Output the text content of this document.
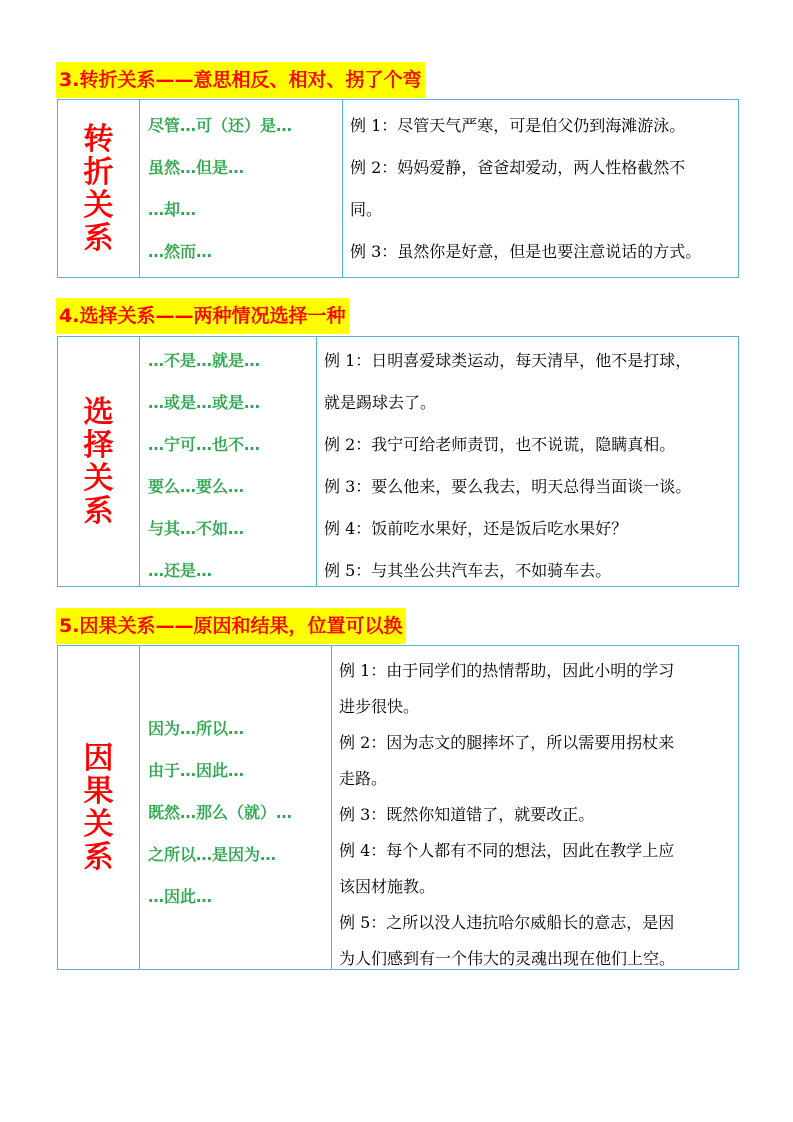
3.转折关系——意思相反、相对、拐了个弯
转折关系
尽管…可（还）是…
虽然…但是…
…却…
…然而…
例 1：尽管天气严寒，可是伯父仍到海滩游泳。
例 2：妈妈爱静，爸爸却爱动，两人性格截然不
同。
例 3：虽然你是好意，但是也要注意说话的方式。
4.选择关系——两种情况选择一种
选择关系
…不是…就是…
…或是…或是…
…宁可…也不…
要么…要么…
与其…不如…
…还是…
例 1：日明喜爱球类运动，每天清早，他不是打球，
就是踢球去了。
例 2：我宁可给老师责罚，也不说谎，隐瞒真相。
例 3：要么他来，要么我去，明天总得当面谈一谈。
例 4：饭前吃水果好，还是饭后吃水果好？
例 5：与其坐公共汽车去，不如骑车去。
5.因果关系——原因和结果，位置可以换
因果关系
因为…所以…
由于…因此…
既然…那么（就）…
之所以…是因为…
…因此…
例 1：由于同学们的热情帮助，因此小明的学习
进步很快。
例 2：因为志文的腿摔坏了，所以需要用拐杖来
走路。
例 3：既然你知道错了，就要改正。
例 4：每个人都有不同的想法，因此在教学上应
该因材施教。
例 5：之所以没人违抗哈尔威船长的意志，是因
为人们感到有一个伟大的灵魂出现在他们上空。
